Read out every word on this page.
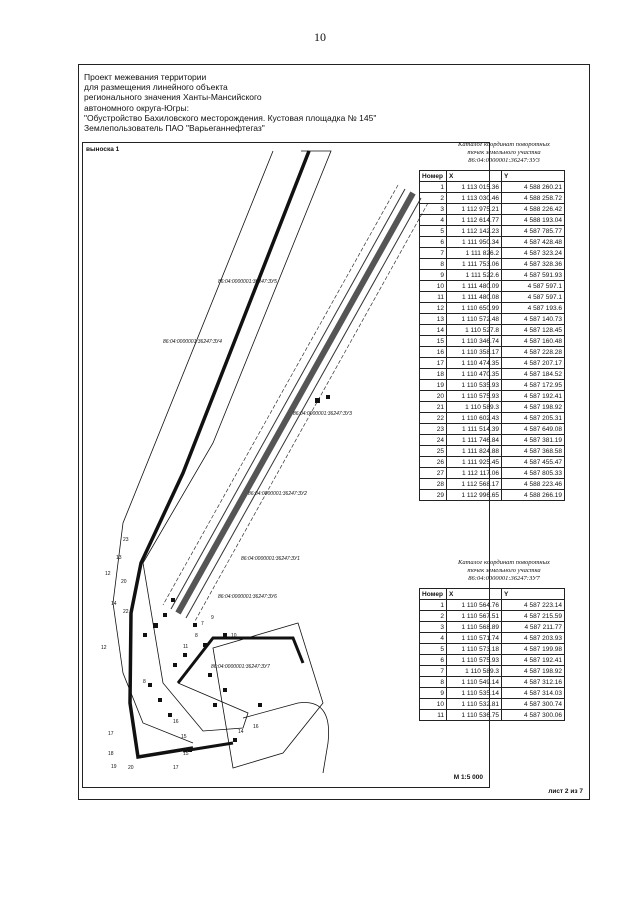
10
Проект межевания территории
для размещения линейного объекта
регионального значения Ханты-Мансийского
автономного округа-Югры:
"Обустройство Бахиловского месторождения. Кустовая площадка № 145"
Землепользователь ПАО "Варьеганнефтегаз"
выноска 1
86:04:0000001:36247:ЗУ5
86:04:0000001:36247:ЗУ4
86:04:0000001:36247:ЗУ3
86:04:0000001:36247:ЗУ2
86:04:0000001:36247:ЗУ1
86:04:0000001:36247:ЗУ6
86:04:0000001:36247:ЗУ7
23
13
12
20
14
22
9
10
7
8
11
16
15
17
18
19 20	17
15
16
14
12
8
М 1:5 000
Каталог координат поворотных
точек земельного участка
86:04:0000001:36247:ЗУ3
Номер	X	Y
1	1 113 015.36	4 588 260.21
2	1 113 030.46	4 588 258.72
3	1 112 975.21	4 588 226.42
4	1 112 614.77	4 588 193.04
5	1 112 142.23	4 587 785.77
6	1 111 950.34	4 587 428.48
7	1 111 826.2	4 587 323.24
8	1 111 753.06	4 587 328.36
9	1 111 522.6	4 587 591.93
10	1 111 480.09	4 587 597.1
11	1 111 480.08	4 587 597.1
12	1 110 650.99	4 587 193.6
13	1 110 572.48	4 587 140.73
14	1 110 527.8	4 587 128.45
15	1 110 346.74	4 587 160.48
16	1 110 358.17	4 587 228.28
17	1 110 474.35	4 587 207.17
18	1 110 470.35	4 587 184.52
19	1 110 535.93	4 587 172.95
20	1 110 575.93	4 587 192.41
21	1 110 589.3	4 587 198.92
22	1 110 602.43	4 587 205.31
23	1 111 514.39	4 587 649.08
24	1 111 746.84	4 587 381.19
25	1 111 824.88	4 587 368.58
26	1 111 925.45	4 587 455.47
27	1 112 117.06	4 587 805.33
28	1 112 568.17	4 588 223.46
29	1 112 996.65	4 588 266.19
Каталог координат поворотных
точек земельного участка
86:04:0000001:36247:ЗУ7
Номер	X	Y
1	1 110 564.76	4 587 223.14
2	1 110 567.51	4 587 215.59
3	1 110 568.89	4 587 211.77
4	1 110 571.74	4 587 203.93
5	1 110 573.18	4 587 199.98
6	1 110 575.93	4 587 192.41
7	1 110 589.3	4 587 198.92
8	1 110 549.14	4 587 312.16
9	1 110 535.14	4 587 314.03
10	1 110 532.81	4 587 300.74
11	1 110 536.75	4 587 300.06
лист 2 из 7
